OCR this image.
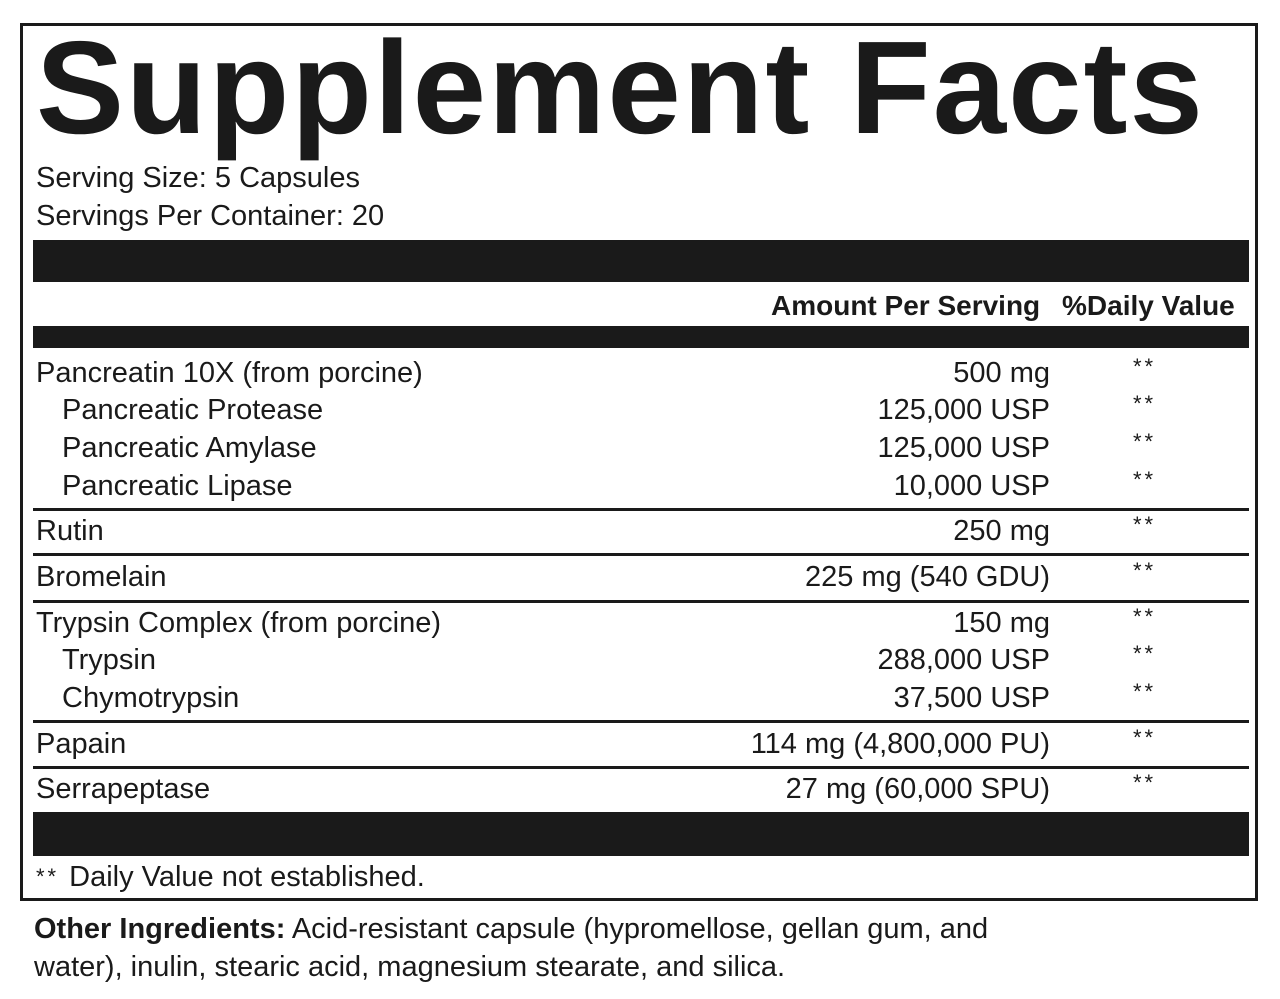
Supplement Facts
Serving Size: 5 Capsules
Servings Per Container: 20
Amount Per Serving %Daily Value
Pancreatin 10X (from porcine)	500 mg	**
Pancreatic Protease	125,000 USP	**
Pancreatic Amylase	125,000 USP	**
Pancreatic Lipase	10,000 USP	**
Rutin	250 mg	**
Bromelain	225 mg (540 GDU)	**
Trypsin Complex (from porcine)	150 mg	**
Trypsin	288,000 USP	**
Chymotrypsin	37,500 USP	**
Papain	114 mg (4,800,000 PU)	**
Serrapeptase	27 mg (60,000 SPU)	**
** Daily Value not established.

Other Ingredients: Acid-resistant capsule (hypromellose, gellan gum, and water), inulin, stearic acid, magnesium stearate, and silica.
